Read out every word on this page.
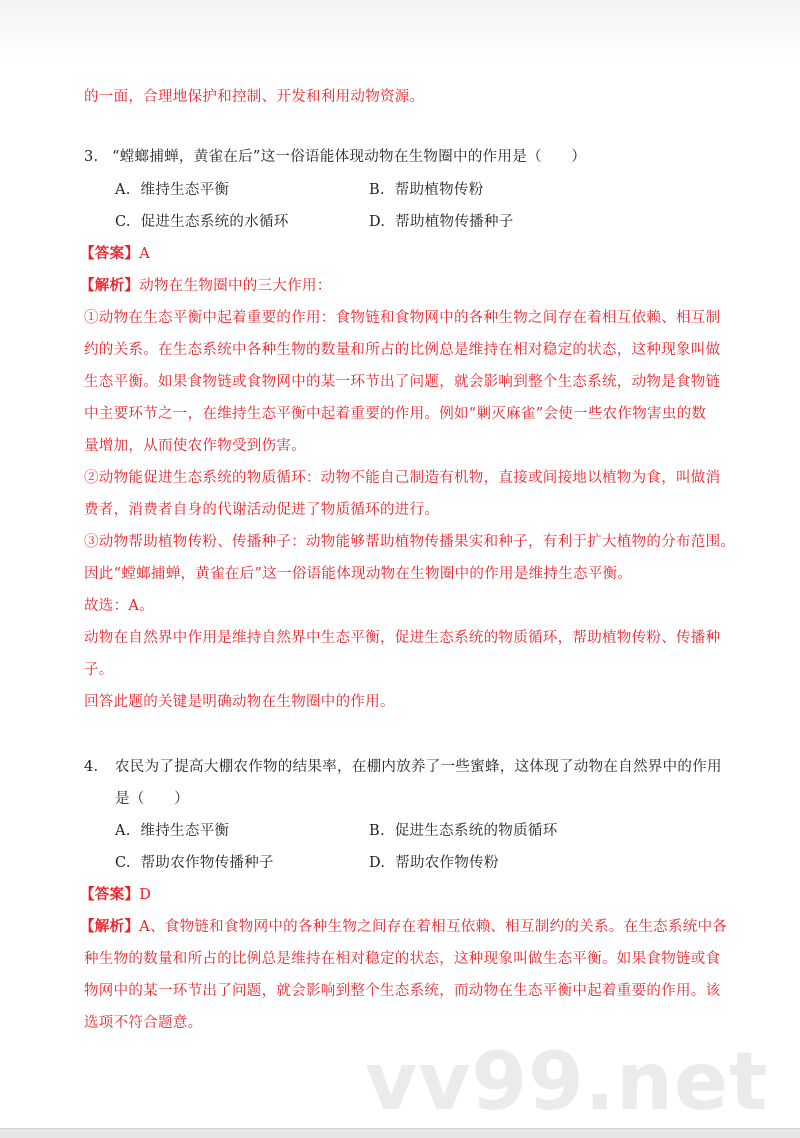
的一面，合理地保护和控制、开发和利用动物资源。
3. “螳螂捕蝉，黄雀在后”这一俗语能体现动物在生物圈中的作用是（　　）
A. 维持生态平衡	B. 帮助植物传粉
C. 促进生态系统的水循环	D. 帮助植物传播种子
【答案】A
【解析】动物在生物圈中的三大作用：
①动物在生态平衡中起着重要的作用：食物链和食物网中的各种生物之间存在着相互依赖、相互制
约的关系。在生态系统中各种生物的数量和所占的比例总是维持在相对稳定的状态，这种现象叫做
生态平衡。如果食物链或食物网中的某一环节出了问题，就会影响到整个生态系统，动物是食物链
中主要环节之一，在维持生态平衡中起着重要的作用。例如“剿灭麻雀”会使一些农作物害虫的数
量增加，从而使农作物受到伤害。
②动物能促进生态系统的物质循环：动物不能自己制造有机物，直接或间接地以植物为食，叫做消
费者，消费者自身的代谢活动促进了物质循环的进行。
③动物帮助植物传粉、传播种子：动物能够帮助植物传播果实和种子，有利于扩大植物的分布范围。
因此“螳螂捕蝉，黄雀在后”这一俗语能体现动物在生物圈中的作用是维持生态平衡。
故选：A。
动物在自然界中作用是维持自然界中生态平衡，促进生态系统的物质循环，帮助植物传粉、传播种
子。
回答此题的关键是明确动物在生物圈中的作用。
4. 农民为了提高大棚农作物的结果率，在棚内放养了一些蜜蜂，这体现了动物在自然界中的作用
是（　　）
A. 维持生态平衡	B. 促进生态系统的物质循环
C. 帮助农作物传播种子	D. 帮助农作物传粉
【答案】D
【解析】A、食物链和食物网中的各种生物之间存在着相互依赖、相互制约的关系。在生态系统中各
种生物的数量和所占的比例总是维持在相对稳定的状态，这种现象叫做生态平衡。如果食物链或食
物网中的某一环节出了问题，就会影响到整个生态系统，而动物在生态平衡中起着重要的作用。该
选项不符合题意。
vv99.net
